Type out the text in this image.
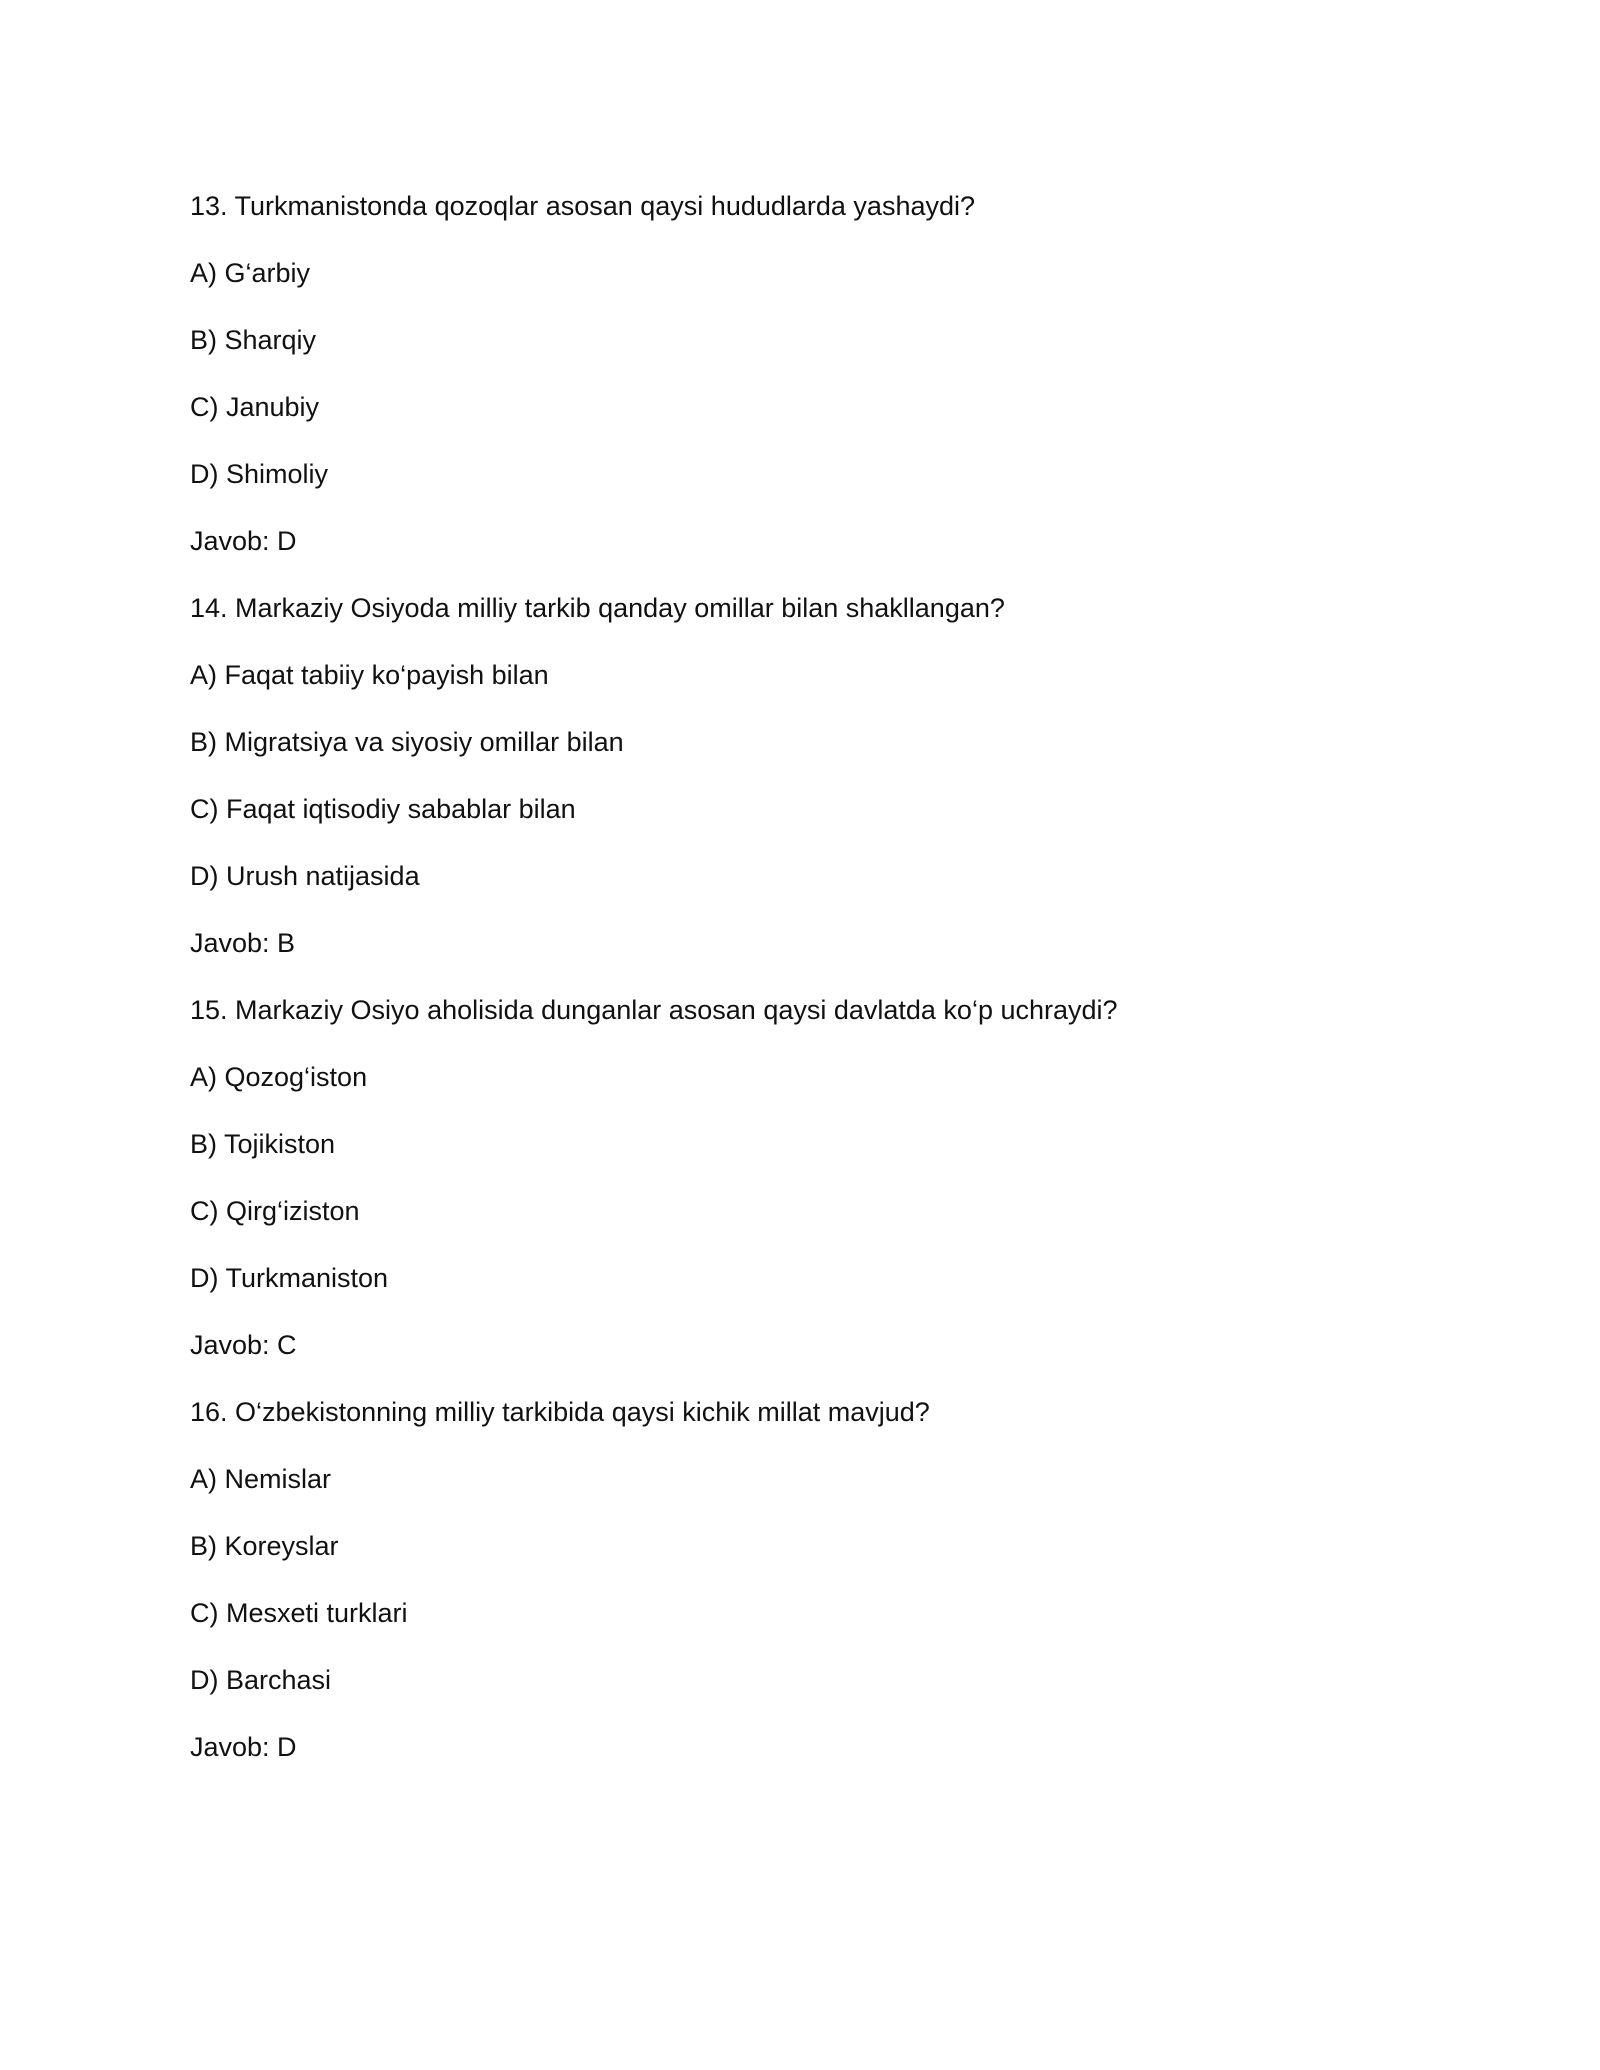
13. Turkmanistonda qozoqlar asosan qaysi hududlarda yashaydi?
A) G‘arbiy
B) Sharqiy
C) Janubiy
D) Shimoliy
Javob: D
14. Markaziy Osiyoda milliy tarkib qanday omillar bilan shakllangan?
A) Faqat tabiiy ko‘payish bilan
B) Migratsiya va siyosiy omillar bilan
C) Faqat iqtisodiy sabablar bilan
D) Urush natijasida
Javob: B
15. Markaziy Osiyo aholisida dunganlar asosan qaysi davlatda ko‘p uchraydi?
A) Qozog‘iston
B) Tojikiston
C) Qirg‘iziston
D) Turkmaniston
Javob: C
16. O‘zbekistonning milliy tarkibida qaysi kichik millat mavjud?
A) Nemislar
B) Koreyslar
C) Mesxeti turklari
D) Barchasi
Javob: D
